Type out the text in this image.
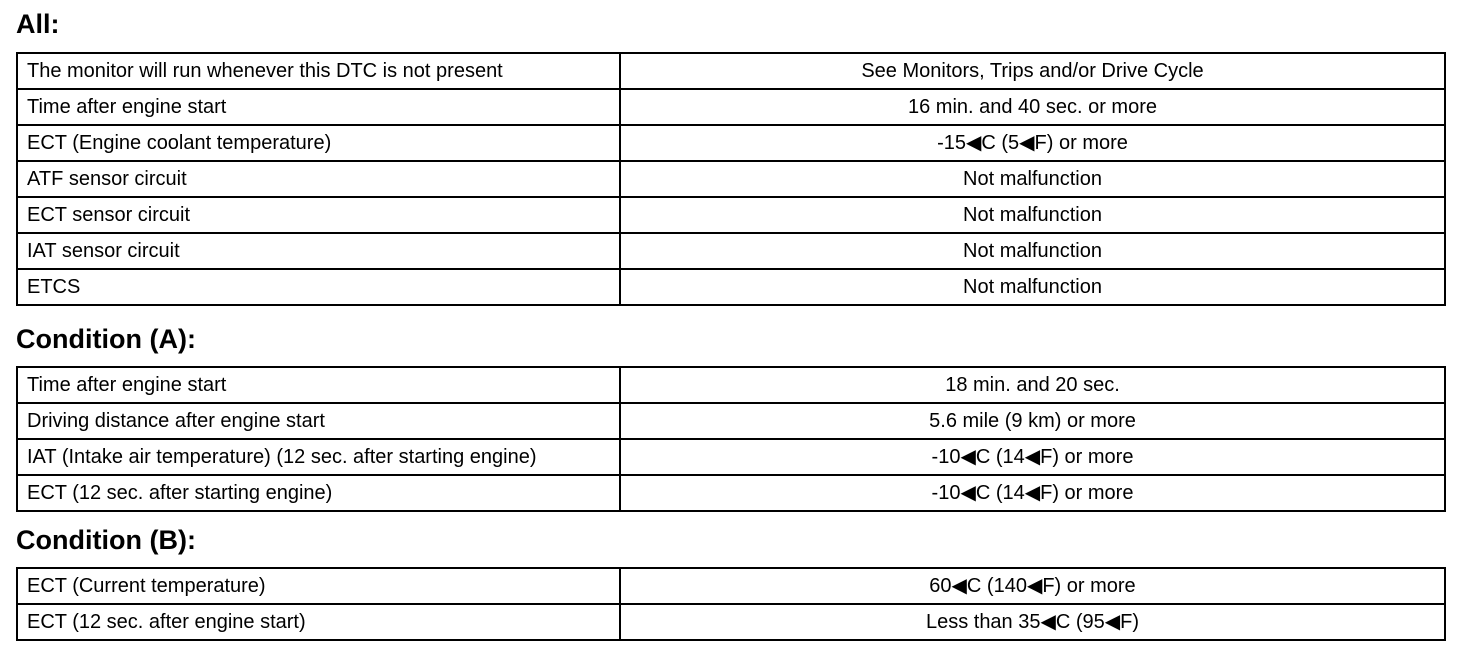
All:
The monitor will run whenever this DTC is not present	See Monitors, Trips and/or Drive Cycle
Time after engine start	16 min. and 40 sec. or more
ECT (Engine coolant temperature)	-15◀C (5◀F) or more
ATF sensor circuit	Not malfunction
ECT sensor circuit	Not malfunction
IAT sensor circuit	Not malfunction
ETCS	Not malfunction
Condition (A):
Time after engine start	18 min. and 20 sec.
Driving distance after engine start	5.6 mile (9 km) or more
IAT (Intake air temperature) (12 sec. after starting engine)	-10◀C (14◀F) or more
ECT (12 sec. after starting engine)	-10◀C (14◀F) or more
Condition (B):
ECT (Current temperature)	60◀C (140◀F) or more
ECT (12 sec. after engine start)	Less than 35◀C (95◀F)
